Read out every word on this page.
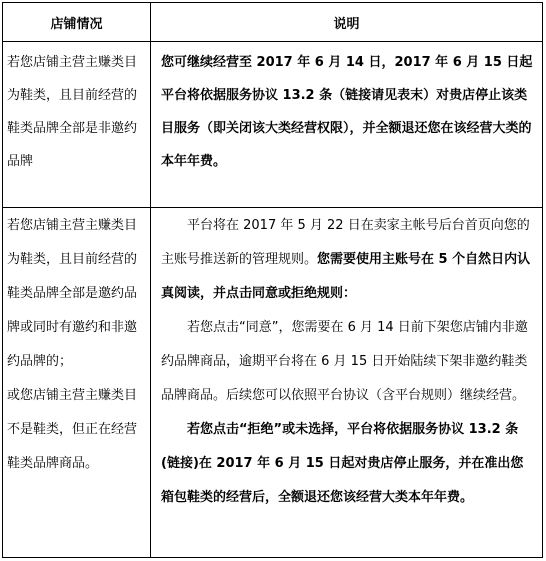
店铺情况	说明

若您店铺主营主赚类目为鞋类，且目前经营的鞋类品牌全部是非邀约品牌

您可继续经营至 2017 年 6 月 14 日，2017 年 6 月 15 日起平台将依据服务协议 13.2 条（链接请见表末）对贵店停止该类目服务（即关闭该大类经营权限），并全额退还您在该经营大类的本年年费。

若您店铺主营主赚类目为鞋类，且目前经营的鞋类品牌全部是邀约品牌或同时有邀约和非邀约品牌的；

或您店铺主营主赚类目不是鞋类，但正在经营鞋类品牌商品。

平台将在 2017 年 5 月 22 日在卖家主帐号后台首页向您的主账号推送新的管理规则。您需要使用主账号在 5 个自然日内认真阅读，并点击同意或拒绝规则：

若您点击“同意”，您需要在 6 月 14 日前下架您店铺内非邀约品牌商品，逾期平台将在 6 月 15 日开始陆续下架非邀约鞋类品牌商品。后续您可以依照平台协议（含平台规则）继续经营。

若您点击“拒绝”或未选择，平台将依据服务协议 13.2 条(链接)在 2017 年 6 月 15 日起对贵店停止服务，并在准出您箱包鞋类的经营后，全额退还您该经营大类本年年费。
